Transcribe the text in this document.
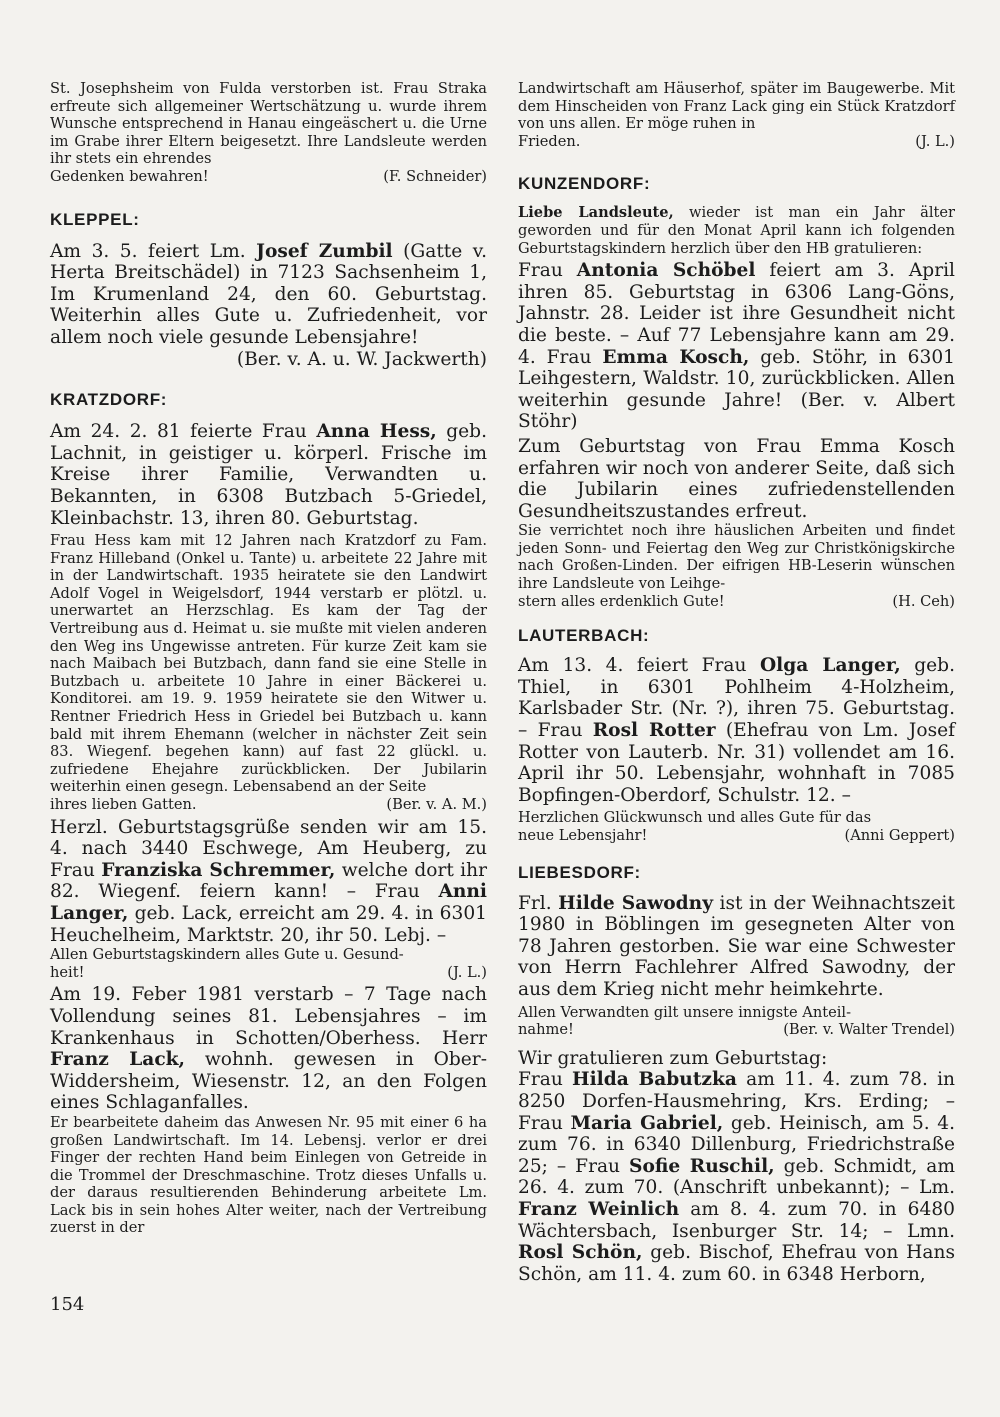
St. Josephsheim von Fulda verstorben ist. Frau Straka erfreute sich allgemeiner Wertschätzung u. wurde ihrem Wunsche entsprechend in Hanau eingeäschert u. die Urne im Grabe ihrer Eltern beigesetzt. Ihre Landsleute werden ihr stets ein ehrendes

Gedenken bewahren!	(F. Schneider)
KLEPPEL:

Am 3. 5. feiert Lm. Josef Zumbil (Gatte v. Herta Breitschädel) in 7123 Sachsenheim 1, Im Krumenland 24, den 60. Geburtstag. Weiterhin alles Gute u. Zufriedenheit, vor allem noch viele gesunde Lebensjahre!

(Ber. v. A. u. W. Jackwerth)
KRATZDORF:

Am 24. 2. 81 feierte Frau Anna Hess, geb. Lachnit, in geistiger u. körperl. Frische im Kreise ihrer Familie, Verwandten u. Bekannten, in 6308 Butzbach 5-Griedel, Kleinbachstr. 13, ihren 80. Geburtstag.

Frau Hess kam mit 12 Jahren nach Kratzdorf zu Fam. Franz Hilleband (Onkel u. Tante) u. arbeitete 22 Jahre mit in der Landwirtschaft. 1935 heiratete sie den Landwirt Adolf Vogel in Weigelsdorf, 1944 verstarb er plötzl. u. unerwartet an Herzschlag. Es kam der Tag der Vertreibung aus d. Heimat u. sie mußte mit vielen anderen den Weg ins Ungewisse antreten. Für kurze Zeit kam sie nach Maibach bei Butzbach, dann fand sie eine Stelle in Butzbach u. arbeitete 10 Jahre in einer Bäckerei u. Konditorei. am 19. 9. 1959 heiratete sie den Witwer u. Rentner Friedrich Hess in Griedel bei Butzbach u. kann bald mit ihrem Ehemann (welcher in nächster Zeit sein 83. Wiegenf. begehen kann) auf fast 22 glückl. u. zufriedene Ehejahre zurückblicken. Der Jubilarin weiterhin einen gesegn. Lebensabend an der Seite

ihres lieben Gatten.	(Ber. v. A. M.)

Herzl. Geburtstagsgrüße senden wir am 15. 4. nach 3440 Eschwege, Am Heuberg, zu Frau Franziska Schremmer, welche dort ihr 82. Wiegenf. feiern kann! – Frau Anni Langer, geb. Lack, erreicht am 29. 4. in 6301 Heuchelheim, Marktstr. 20, ihr 50. Lebj. –

Allen Geburtstagskindern alles Gute u. Gesund-

heit!	(J. L.)

Am 19. Feber 1981 verstarb – 7 Tage nach Vollendung seines 81. Lebensjahres – im Krankenhaus in Schotten/Oberhess. Herr Franz Lack, wohnh. gewesen in Ober-Widdersheim, Wiesenstr. 12, an den Folgen eines Schlaganfalles.

Er bearbeitete daheim das Anwesen Nr. 95 mit einer 6 ha großen Landwirtschaft. Im 14. Lebensj. verlor er drei Finger der rechten Hand beim Einlegen von Getreide in die Trommel der Dreschmaschine. Trotz dieses Unfalls u. der daraus resultierenden Behinderung arbeitete Lm. Lack bis in sein hohes Alter weiter, nach der Vertreibung zuerst in der

Landwirtschaft am Häuserhof, später im Baugewerbe. Mit dem Hinscheiden von Franz Lack ging ein Stück Kratzdorf von uns allen. Er möge ruhen in

Frieden.	(J. L.)
KUNZENDORF:

Liebe Landsleute, wieder ist man ein Jahr älter geworden und für den Monat April kann ich folgenden Geburtstagskindern herzlich über den HB gratulieren:

Frau Antonia Schöbel feiert am 3. April ihren 85. Geburtstag in 6306 Lang-Göns, Jahnstr. 28. Leider ist ihre Gesundheit nicht die beste. – Auf 77 Lebensjahre kann am 29. 4. Frau Emma Kosch, geb. Stöhr, in 6301 Leihgestern, Waldstr. 10, zurückblicken. Allen weiterhin gesunde Jahre! (Ber. v. Albert Stöhr)

Zum Geburtstag von Frau Emma Kosch erfahren wir noch von anderer Seite, daß sich die Jubilarin eines zufriedenstellenden Gesundheitszustandes erfreut.

Sie verrichtet noch ihre häuslichen Arbeiten und findet jeden Sonn- und Feiertag den Weg zur Christkönigskirche nach Großen-Linden. Der eifrigen HB-Leserin wünschen ihre Landsleute von Leihge-

stern alles erdenklich Gute!	(H. Ceh)
LAUTERBACH:

Am 13. 4. feiert Frau Olga Langer, geb. Thiel, in 6301 Pohlheim 4-Holzheim, Karlsbader Str. (Nr. ?), ihren 75. Geburtstag. – Frau Rosl Rotter (Ehefrau von Lm. Josef Rotter von Lauterb. Nr. 31) vollendet am 16. April ihr 50. Lebensjahr, wohnhaft in 7085 Bopfingen-Oberdorf, Schulstr. 12. –

Herzlichen Glückwunsch und alles Gute für das

neue Lebensjahr!	(Anni Geppert)
LIEBESDORF:

Frl. Hilde Sawodny ist in der Weihnachtszeit 1980 in Böblingen im gesegneten Alter von 78 Jahren gestorben. Sie war eine Schwester von Herrn Fachlehrer Alfred Sawodny, der aus dem Krieg nicht mehr heimkehrte.

Allen Verwandten gilt unsere innigste Anteil-

nahme!	(Ber. v. Walter Trendel)

Wir gratulieren zum Geburtstag:

Frau Hilda Babutzka am 11. 4. zum 78. in 8250 Dorfen-Hausmehring, Krs. Erding; – Frau Maria Gabriel, geb. Heinisch, am 5. 4. zum 76. in 6340 Dillenburg, Friedrichstraße 25; – Frau Sofie Ruschil, geb. Schmidt, am 26. 4. zum 70. (Anschrift unbekannt); – Lm. Franz Weinlich am 8. 4. zum 70. in 6480 Wächtersbach, Isenburger Str. 14; – Lmn. Rosl Schön, geb. Bischof, Ehefrau von Hans Schön, am 11. 4. zum 60. in 6348 Herborn,

154
